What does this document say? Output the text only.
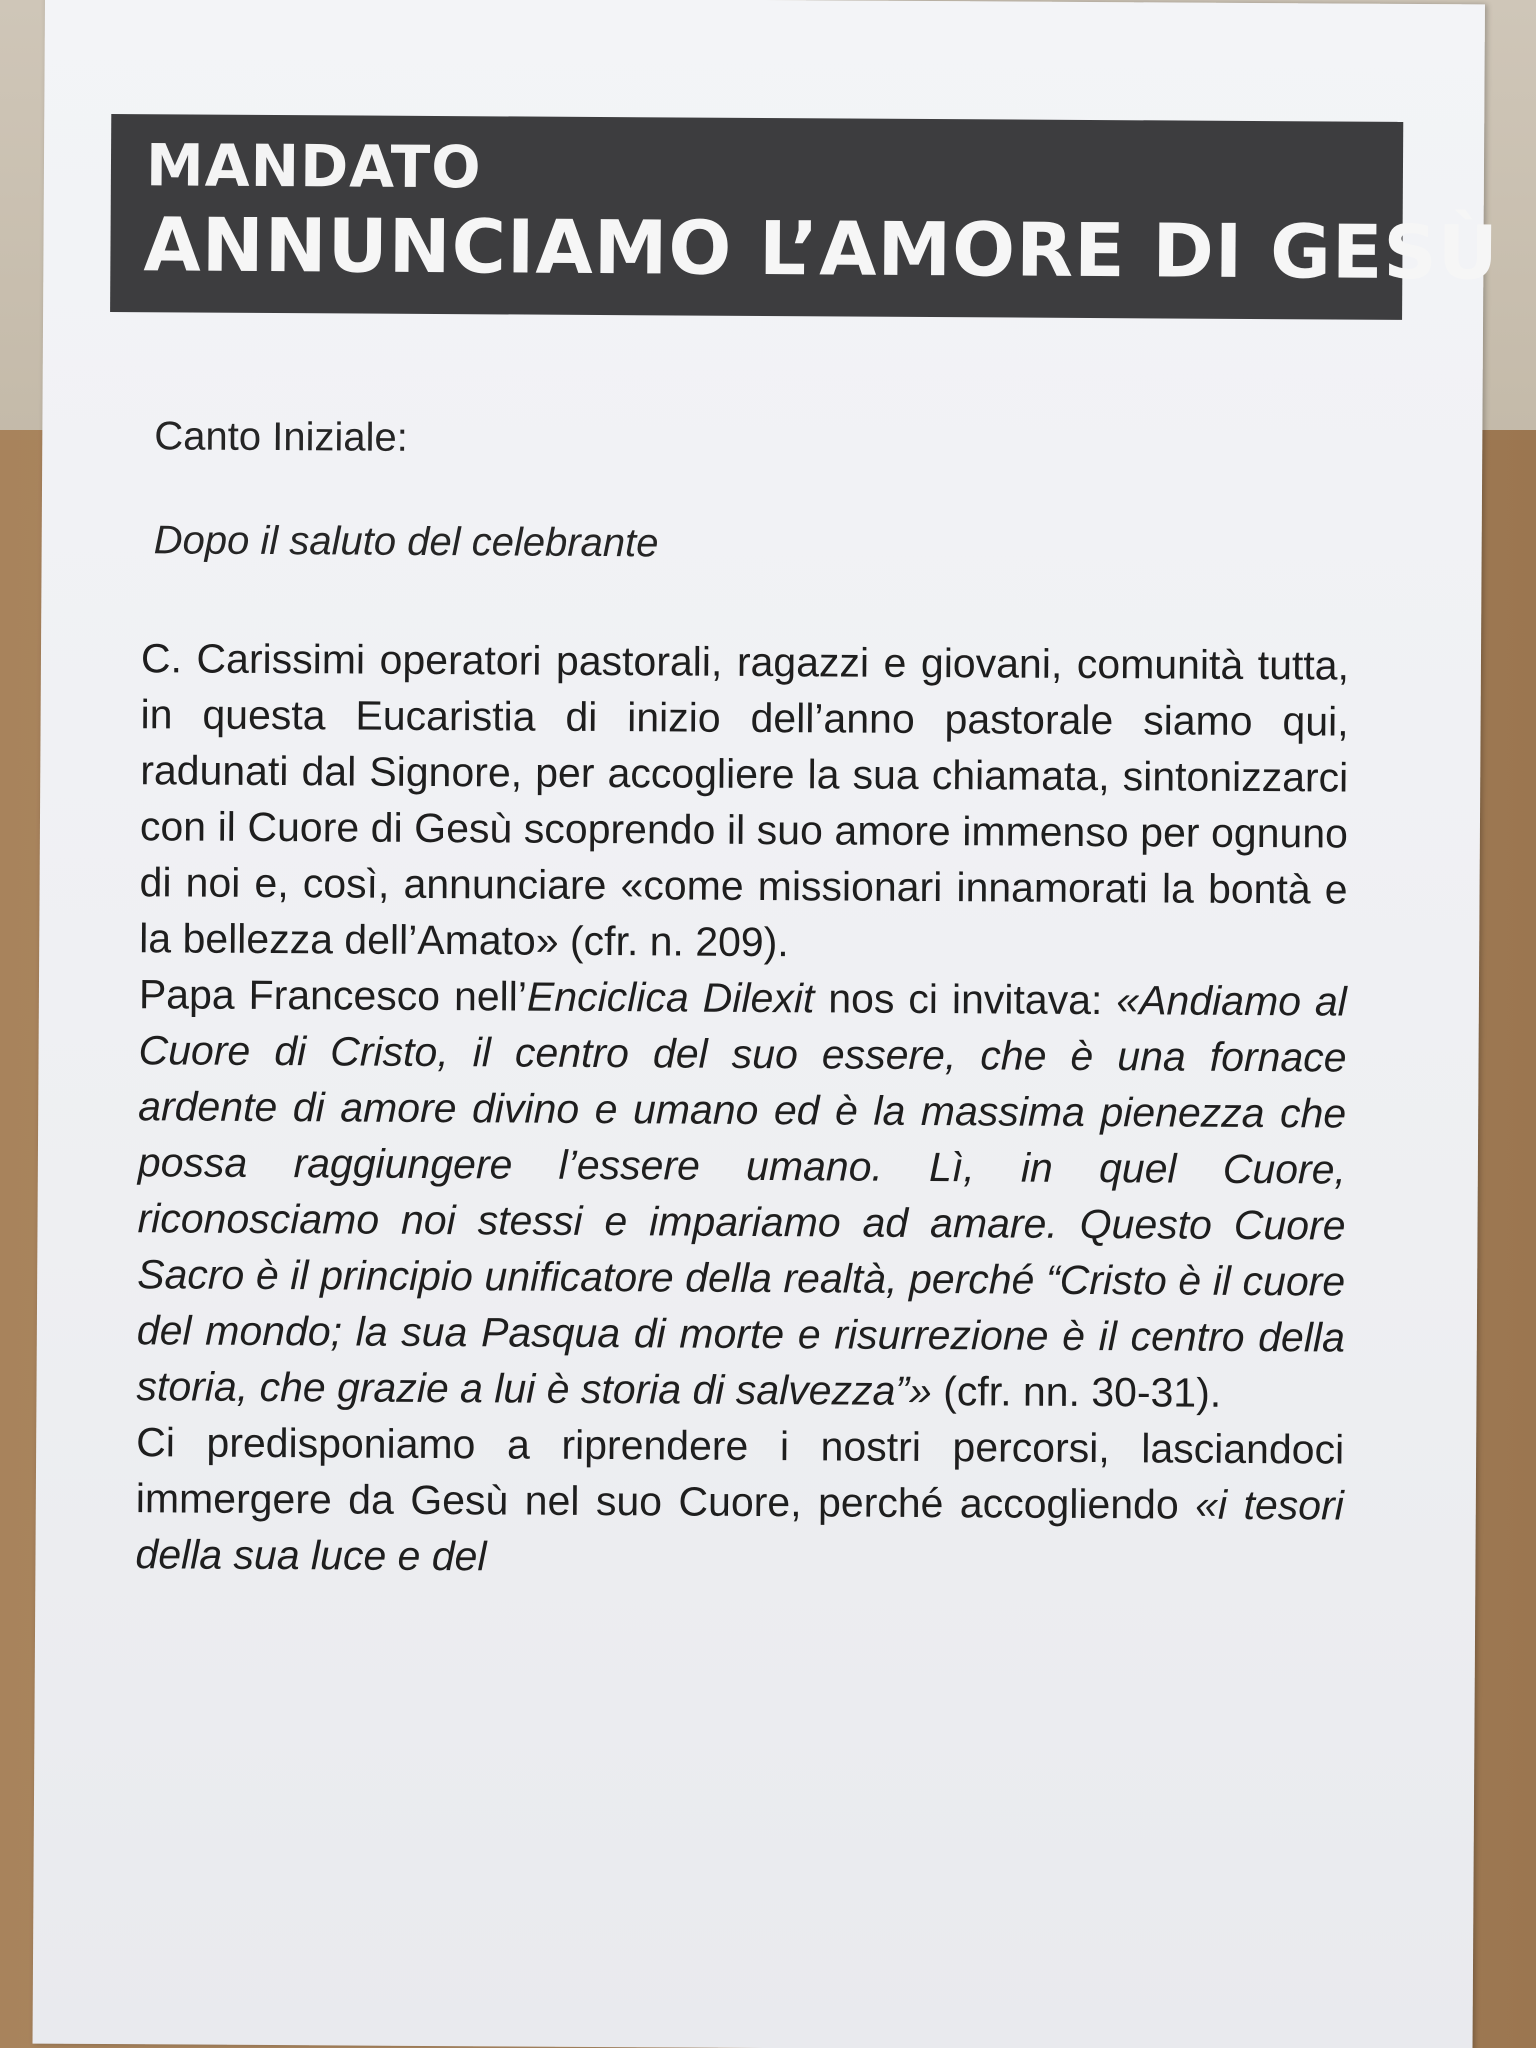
MANDATO
ANNUNCIAMO L’AMORE DI GESÙ
Canto Iniziale:
Dopo il saluto del celebrante

C. Carissimi operatori pastorali, ragazzi e giovani, comunità tutta, in questa Eucaristia di inizio dell’anno pastorale siamo qui, radunati dal Signore, per accogliere la sua chiamata, sintonizzarci con il Cuore di Gesù scoprendo il suo amore immenso per ognuno di noi e, così, annunciare «come missionari innamorati la bontà e la bellezza dell’Amato» (cfr. n. 209).

Papa Francesco nell’Enciclica Dilexit nos ci invitava: «Andiamo al Cuore di Cristo, il centro del suo essere, che è una fornace ardente di amore divino e umano ed è la massima pienezza che possa raggiungere l’essere umano. Lì, in quel Cuore, riconosciamo noi stessi e impariamo ad amare. Questo Cuore Sacro è il principio unificatore della realtà, perché “Cristo è il cuore del mondo; la sua Pasqua di morte e risurrezione è il centro della storia, che grazie a lui è storia di salvezza”» (cfr. nn. 30-31).

Ci predisponiamo a riprendere i nostri percorsi, lasciandoci immergere da Gesù nel suo Cuore, perché accogliendo «i tesori della sua luce e del
